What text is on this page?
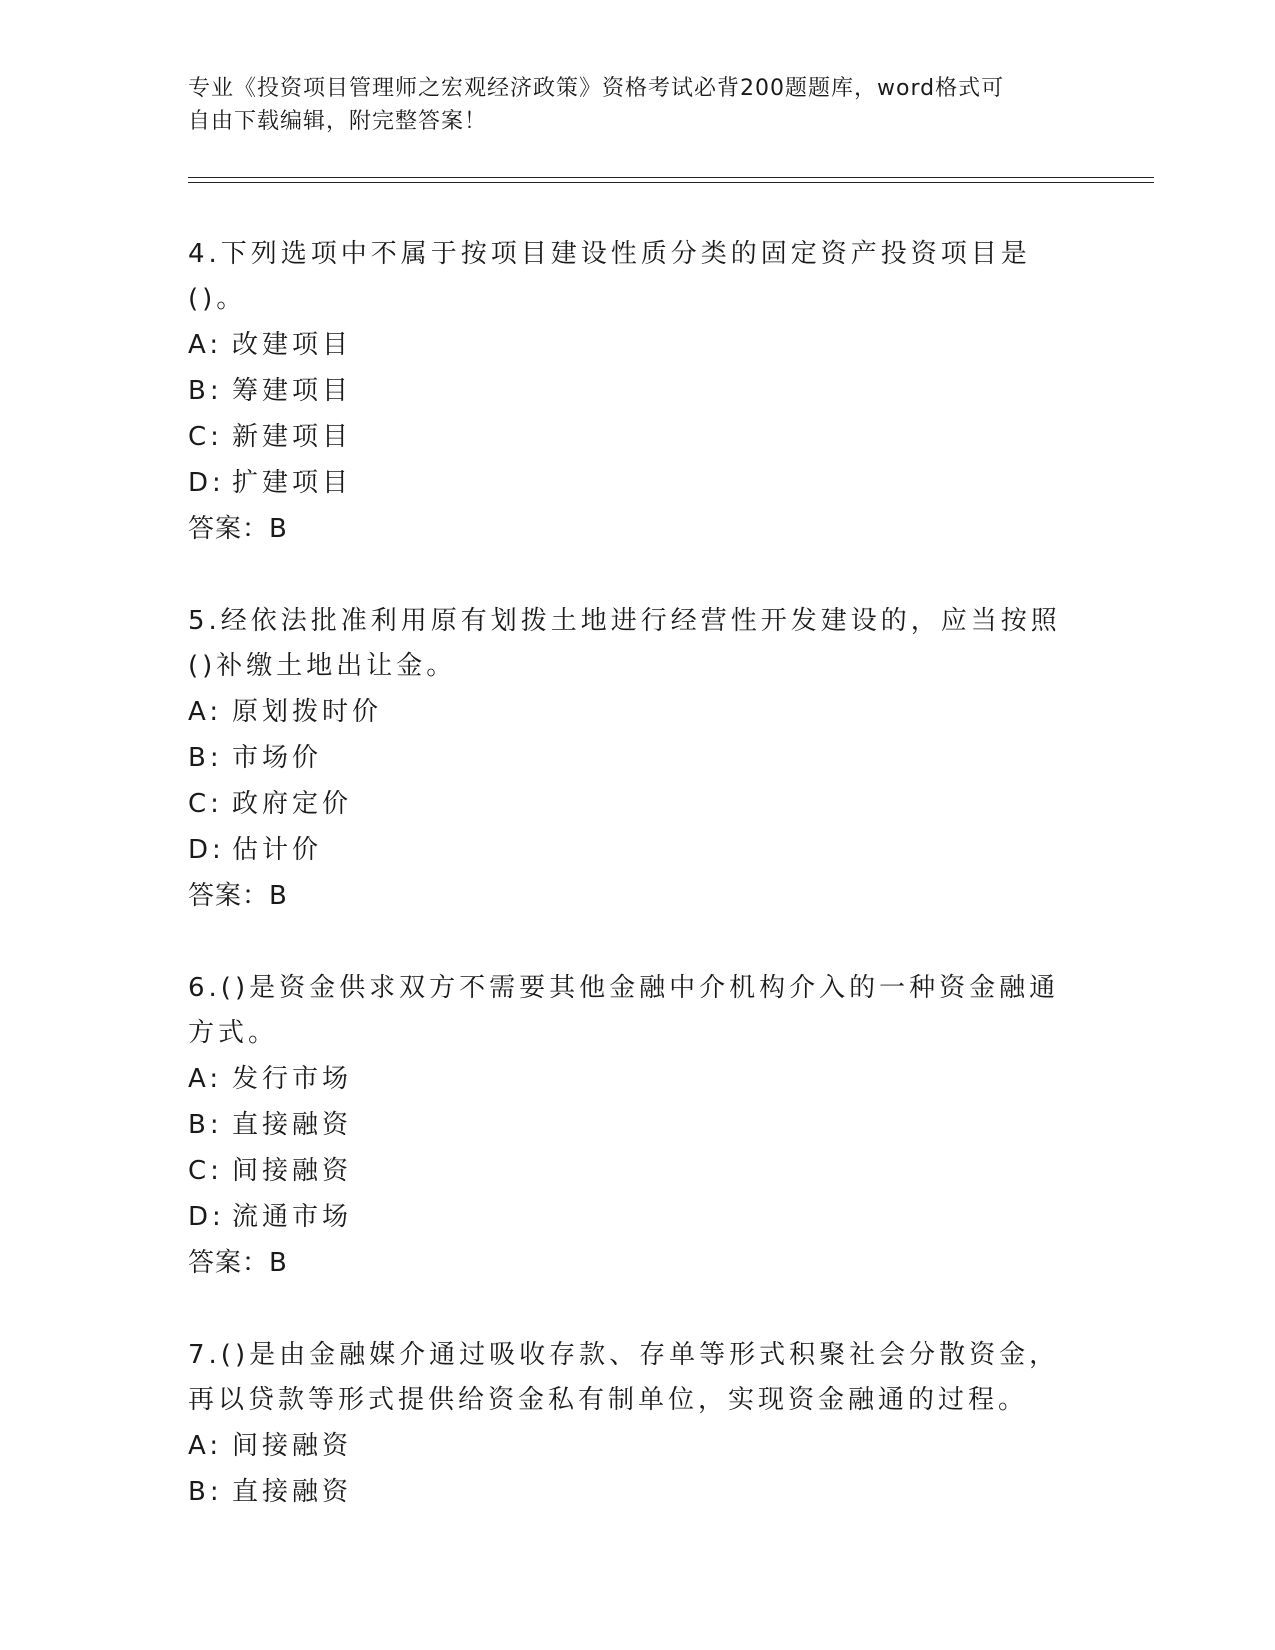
专业《投资项目管理师之宏观经济政策》资格考试必背200题题库，word格式可
自由下载编辑，附完整答案！
4.下列选项中不属于按项目建设性质分类的固定资产投资项目是()。
A: 改建项目
B: 筹建项目
C: 新建项目
D: 扩建项目
答案：B
5.经依法批准利用原有划拨土地进行经营性开发建设的，应当按照()补缴土地出让金。
A: 原划拨时价
B: 市场价
C: 政府定价
D: 估计价
答案：B
6.()是资金供求双方不需要其他金融中介机构介入的一种资金融通方式。
A: 发行市场
B: 直接融资
C: 间接融资
D: 流通市场
答案：B
7.()是由金融媒介通过吸收存款、存单等形式积聚社会分散资金，再以贷款等形式提供给资金私有制单位，实现资金融通的过程。
A: 间接融资
B: 直接融资
